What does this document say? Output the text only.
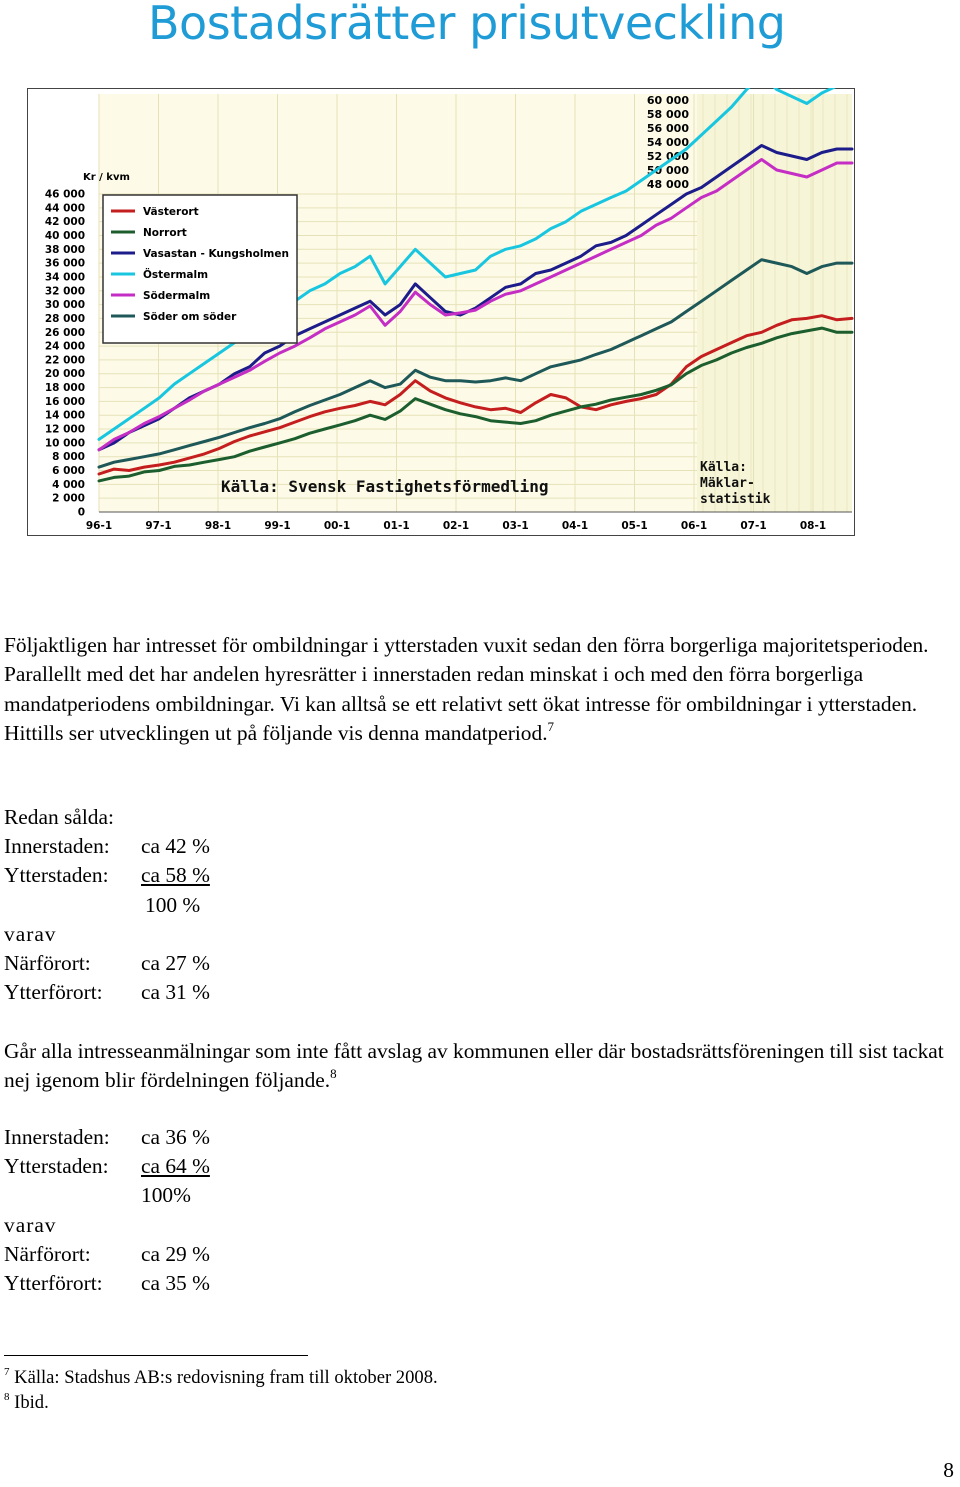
Bostadsrätter prisutveckling
Kr / kvm
46 000
44 000
42 000
40 000
38 000
36 000
34 000
32 000
30 000
28 000
26 000
24 000
22 000
20 000
18 000
16 000
14 000
12 000
10 000
8 000
6 000
4 000
2 000
0
60 000
58 000
56 000
54 000
52 000
50 000
48 000
96-1	97-1	98-1	99-1	00-1	01-1	02-1	03-1	04-1	05-1	06-1	07-1	08-1
Västerort
Norrort
Vasastan - Kungsholmen
Östermalm
Södermalm
Söder om söder
Källa: Svensk Fastighetsförmedling
Källa:
Mäklar-
statistik

Följaktligen har intresset för ombildningar i ytterstaden vuxit sedan den förra borgerliga majoritetsperioden. Parallellt med det har andelen hyresrätter i innerstaden redan minskat i och med den förra borgerliga mandatperiodens ombildningar. Vi kan alltså se ett relativt sett ökat intresse för ombildningar i ytterstaden. Hittills ser utvecklingen ut på följande vis denna mandatperiod.$^7$

Redan sålda:
Innerstaden:	ca 42 %
Ytterstaden:	ca 58 %
	100 %
varav
Närförort:	ca 27 %
Ytterförort:	ca 31 %

Går alla intresseanmälningar som inte fått avslag av kommunen eller där bostadsrättsföreningen till sist tackat nej igenom blir fördelningen följande.$^8$

Innerstaden:	ca 36 %
Ytterstaden:	ca 64 %
	100%
varav
Närförort:	ca 29 %
Ytterförort:	ca 35 %

$^7$ Källa: Stadshus AB:s redovisning fram till oktober 2008.

$^8$ Ibid.

8
